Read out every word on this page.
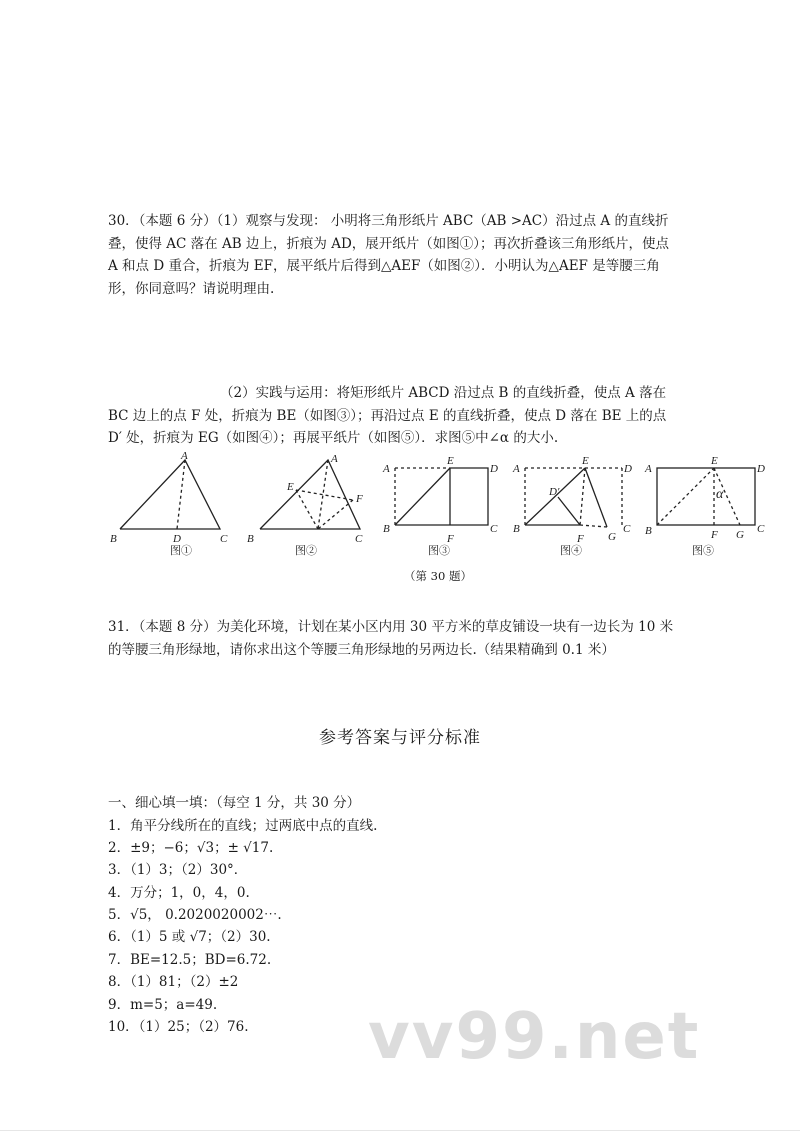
30．（本题 6 分）（1）观察与发现： 小明将三角形纸片 ABC（AB >AC）沿过点 A 的直线折叠，使得 AC 落在 AB 边上，折痕为 AD，展开纸片（如图①）；再次折叠该三角形纸片，使点 A 和点 D 重合，折痕为 EF，展平纸片后得到△AEF（如图②）．小明认为△AEF 是等腰三角形，你同意吗？请说明理由.
（2）实践与运用：将矩形纸片 ABCD 沿过点 B 的直线折叠，使点 A 落在 BC 边上的点 F 处，折痕为 BE（如图③）；再沿过点 E 的直线折叠，使点 D 落在 BE 上的点 D′ 处，折痕为 EG（如图④）；再展平纸片（如图⑤）．求图⑤中∠α 的大小.
A
B	C
D
A
E
F
B	C
A
E
D
B
F
C
A
E
D
D′
B
F G
C
A
E
D
α
B	F G C
图①	图②	图③	图④	图⑤
（第 30 题）
31．（本题 8 分）为美化环境，计划在某小区内用 30 平方米的草皮铺设一块有一边长为 10 米的等腰三角形绿地，请你求出这个等腰三角形绿地的另两边长.（结果精确到 0.1 米）
参考答案与评分标准
一、细心填一填：（每空 1 分，共 30 分）
1．角平分线所在的直线；过两底中点的直线.
2．±9；−6；√3；± √17.
3．（1）3；（2）30°．
4．万分；1，0，4，0.
5．√5， 0.2020020002⋯.
6．（1）5 或 √7；（2）30.
7．BE=12.5；BD=6.72.
8．（1）81；（2）±2
9．m=5；a=49.
10．（1）25；（2）76. vv99.net
